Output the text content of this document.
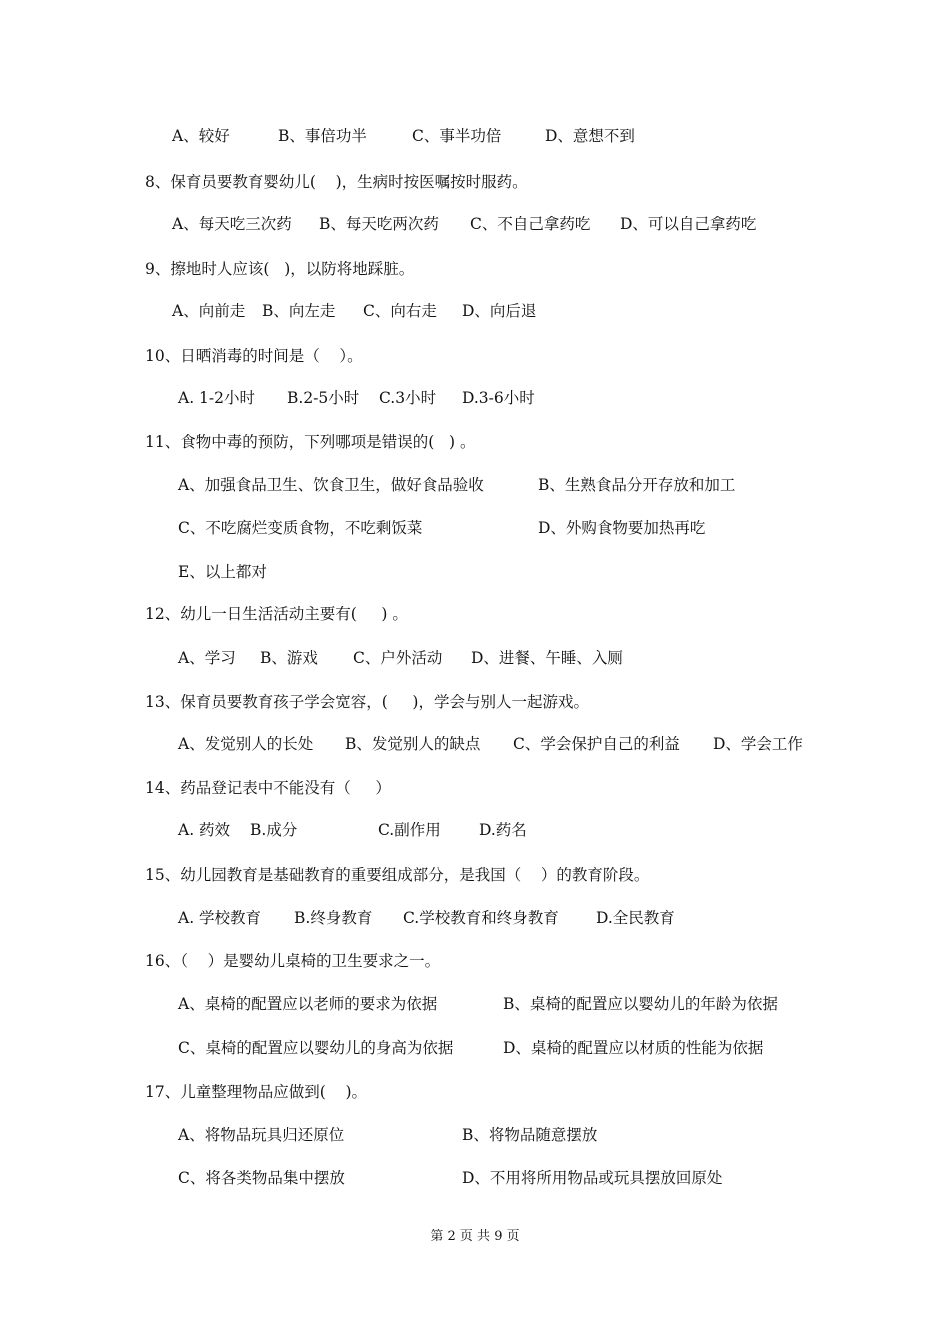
A、较好	B、事倍功半	C、事半功倍	D、意想不到
8、保育员要教育婴幼儿(    )，生病时按医嘱按时服药。
A、每天吃三次药 B、每天吃两次药 C、不自己拿药吃 D、可以自己拿药吃
9、擦地时人应该(   )，以防将地踩脏。
A、向前走 B、向左走 C、向右走 D、向后退
10、日晒消毒的时间是（    ）。
A. 1-2小时 B.2-5小时 C.3小时 D.3-6小时
11、食物中毒的预防，下列哪项是错误的(   ) 。
A、加强食品卫生、饮食卫生，做好食品验收	B、生熟食品分开存放和加工
C、不吃腐烂变质食物，不吃剩饭菜	D、外购食物要加热再吃
E、以上都对
12、幼儿一日生活活动主要有(     ) 。
A、学习 B、游戏 C、户外活动 D、进餐、午睡、入厕
13、保育员要教育孩子学会宽容，(     )，学会与别人一起游戏。
A、发觉别人的长处 B、发觉别人的缺点 C、学会保护自己的利益 D、学会工作
14、药品登记表中不能没有（     ）
A. 药效 B.成分	C.副作用 D.药名
15、幼儿园教育是基础教育的重要组成部分，是我国（    ）的教育阶段。
A. 学校教育 B.终身教育 C.学校教育和终身教育 D.全民教育
16、（    ）是婴幼儿桌椅的卫生要求之一。
A、桌椅的配置应以老师的要求为依据	B、桌椅的配置应以婴幼儿的年龄为依据
C、桌椅的配置应以婴幼儿的身高为依据	D、桌椅的配置应以材质的性能为依据
17、儿童整理物品应做到(    )。
A、将物品玩具归还原位	B、将物品随意摆放
C、将各类物品集中摆放	D、不用将所用物品或玩具摆放回原处
第 2 页 共 9 页
